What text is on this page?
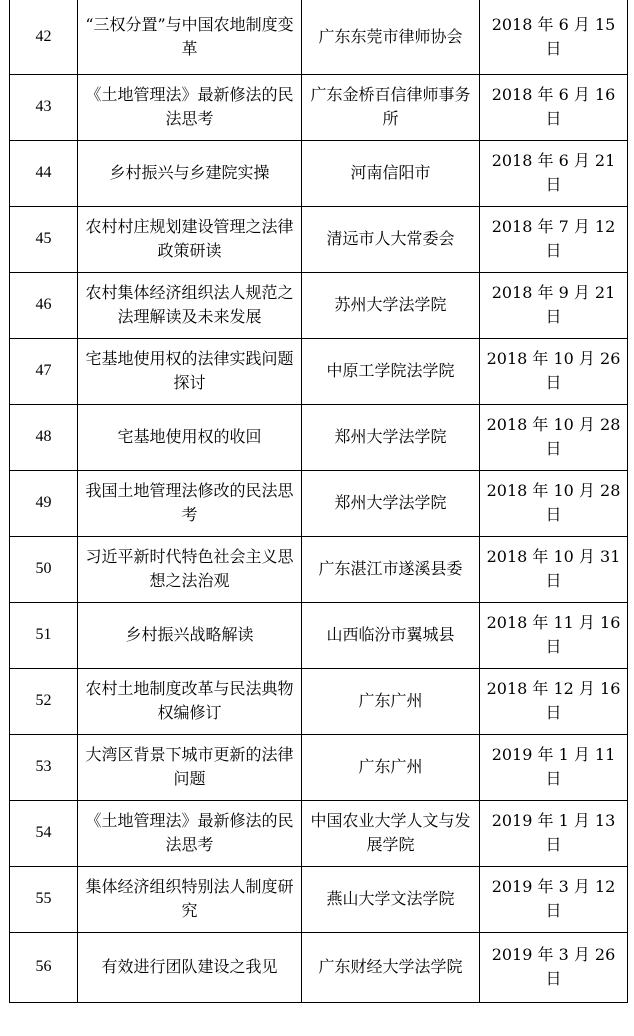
42	“三权分置”与中国农地制度变革	广东东莞市律师协会	2018 年 6 月 15 日
43	《土地管理法》最新修法的民法思考	广东金桥百信律师事务所	2018 年 6 月 16 日
44	乡村振兴与乡建院实操	河南信阳市	2018 年 6 月 21 日
45	农村村庄规划建设管理之法律政策研读	清远市人大常委会	2018 年 7 月 12 日
46	农村集体经济组织法人规范之法理解读及未来发展	苏州大学法学院	2018 年 9 月 21 日
47	宅基地使用权的法律实践问题探讨	中原工学院法学院	2018 年 10 月 26 日
48	宅基地使用权的收回	郑州大学法学院	2018 年 10 月 28 日
49	我国土地管理法修改的民法思考	郑州大学法学院	2018 年 10 月 28 日
50	习近平新时代特色社会主义思想之法治观	广东湛江市遂溪县委	2018 年 10 月 31 日
51	乡村振兴战略解读	山西临汾市翼城县	2018 年 11 月 16 日
52	农村土地制度改革与民法典物权编修订	广东广州	2018 年 12 月 16 日
53	大湾区背景下城市更新的法律问题	广东广州	2019 年 1 月 11 日
54	《土地管理法》最新修法的民法思考	中国农业大学人文与发展学院	2019 年 1 月 13 日
55	集体经济组织特别法人制度研究	燕山大学文法学院	2019 年 3 月 12 日
56	有效进行团队建设之我见	广东财经大学法学院	2019 年 3 月 26 日
